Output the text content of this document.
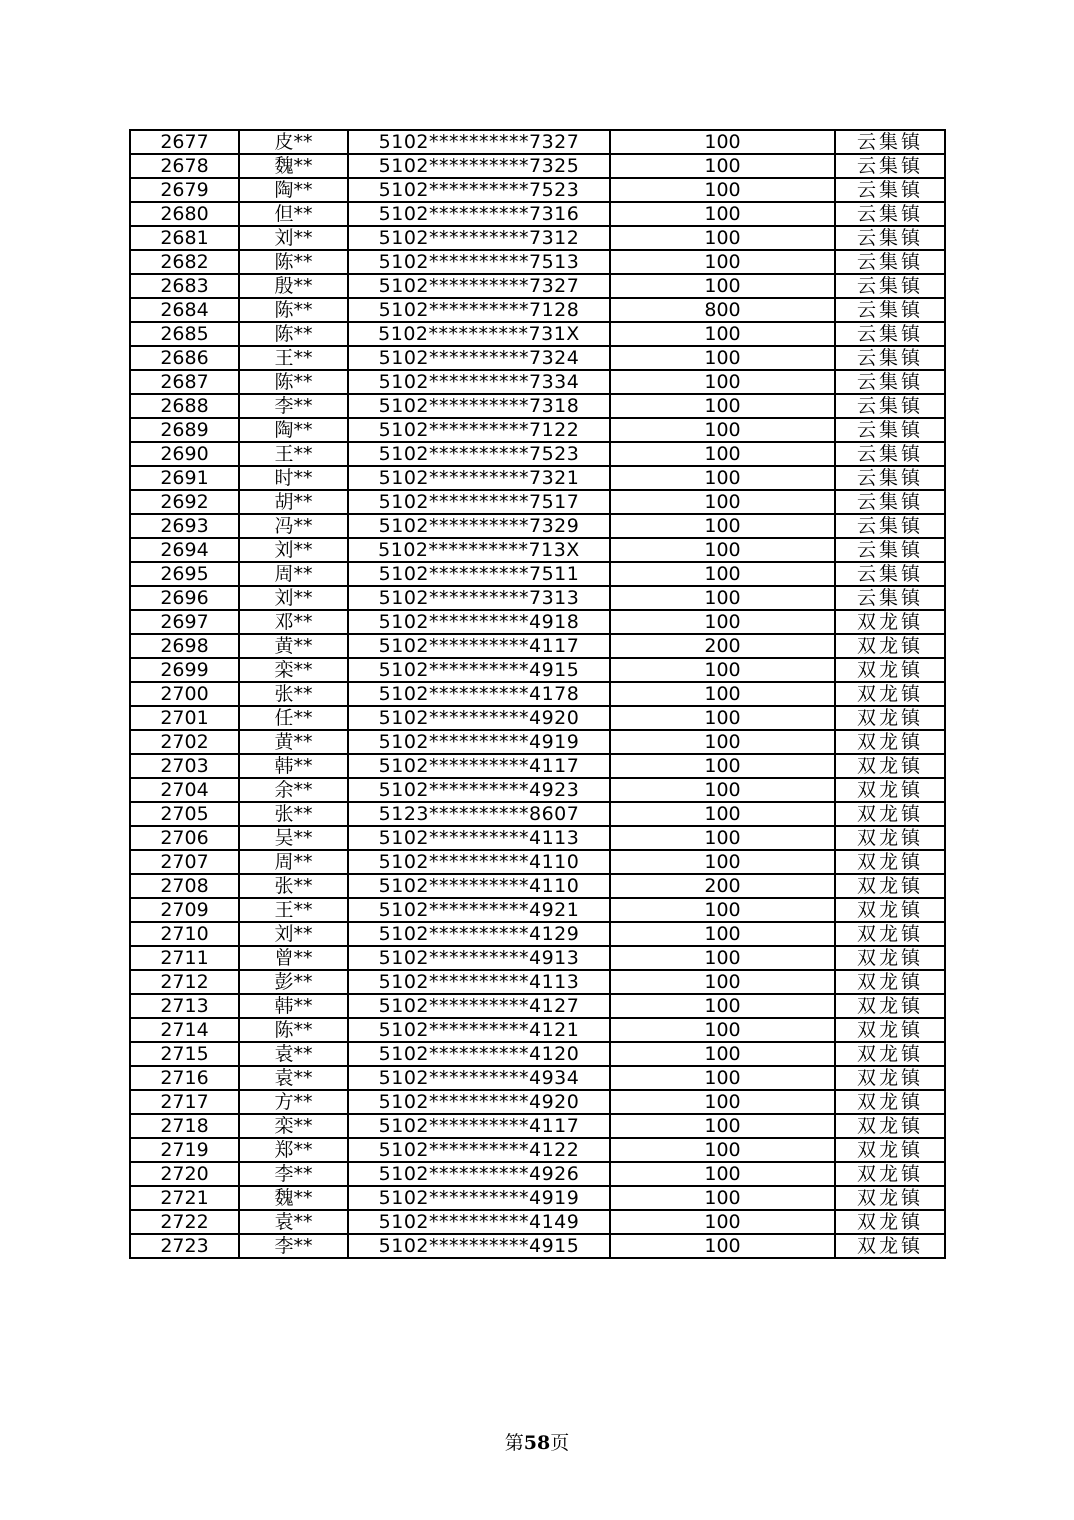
2677	皮**	5102**********7327	100	云集镇
2678	魏**	5102**********7325	100	云集镇
2679	陶**	5102**********7523	100	云集镇
2680	但**	5102**********7316	100	云集镇
2681	刘**	5102**********7312	100	云集镇
2682	陈**	5102**********7513	100	云集镇
2683	殷**	5102**********7327	100	云集镇
2684	陈**	5102**********7128	800	云集镇
2685	陈**	5102**********731X	100	云集镇
2686	王**	5102**********7324	100	云集镇
2687	陈**	5102**********7334	100	云集镇
2688	李**	5102**********7318	100	云集镇
2689	陶**	5102**********7122	100	云集镇
2690	王**	5102**********7523	100	云集镇
2691	时**	5102**********7321	100	云集镇
2692	胡**	5102**********7517	100	云集镇
2693	冯**	5102**********7329	100	云集镇
2694	刘**	5102**********713X	100	云集镇
2695	周**	5102**********7511	100	云集镇
2696	刘**	5102**********7313	100	云集镇
2697	邓**	5102**********4918	100	双龙镇
2698	黄**	5102**********4117	200	双龙镇
2699	栾**	5102**********4915	100	双龙镇
2700	张**	5102**********4178	100	双龙镇
2701	任**	5102**********4920	100	双龙镇
2702	黄**	5102**********4919	100	双龙镇
2703	韩**	5102**********4117	100	双龙镇
2704	余**	5102**********4923	100	双龙镇
2705	张**	5123**********8607	100	双龙镇
2706	吴**	5102**********4113	100	双龙镇
2707	周**	5102**********4110	100	双龙镇
2708	张**	5102**********4110	200	双龙镇
2709	王**	5102**********4921	100	双龙镇
2710	刘**	5102**********4129	100	双龙镇
2711	曾**	5102**********4913	100	双龙镇
2712	彭**	5102**********4113	100	双龙镇
2713	韩**	5102**********4127	100	双龙镇
2714	陈**	5102**********4121	100	双龙镇
2715	袁**	5102**********4120	100	双龙镇
2716	袁**	5102**********4934	100	双龙镇
2717	方**	5102**********4920	100	双龙镇
2718	栾**	5102**********4117	100	双龙镇
2719	郑**	5102**********4122	100	双龙镇
2720	李**	5102**********4926	100	双龙镇
2721	魏**	5102**********4919	100	双龙镇
2722	袁**	5102**********4149	100	双龙镇
2723	李**	5102**********4915	100	双龙镇
第58页
